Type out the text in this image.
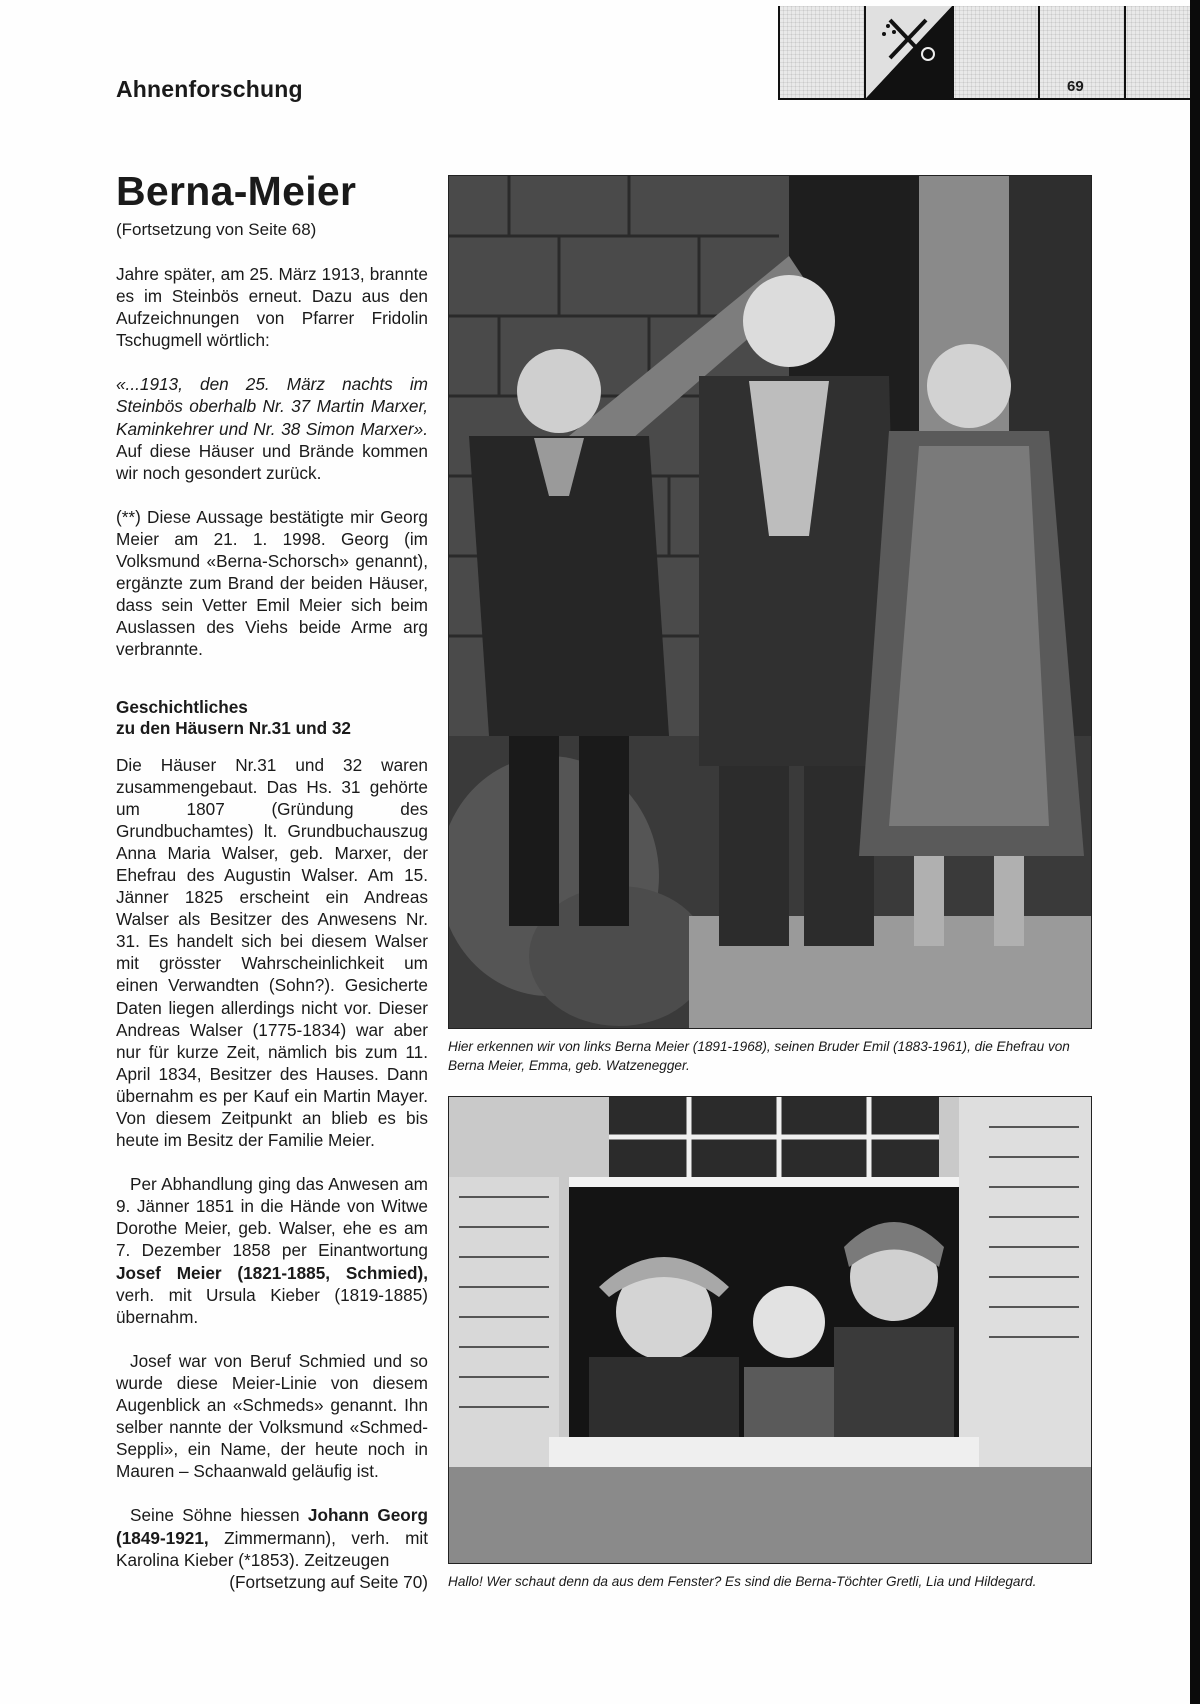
Ahnenforschung	69
Berna-Meier
(Fortsetzung von Seite 68)

Jahre später, am 25. März 1913, brannte es im Steinbös erneut. Dazu aus den Aufzeichnungen von Pfarrer Fridolin Tschugmell wörtlich:

«...1913, den 25. März nachts im Steinbös oberhalb Nr. 37 Martin Marxer, Kaminkehrer und Nr. 38 Simon Marxer». Auf diese Häuser und Brände kommen wir noch gesondert zurück.

(**) Diese Aussage bestätigte mir Georg Meier am 21. 1. 1998. Georg (im Volksmund «Berna-Schorsch» genannt), ergänzte zum Brand der beiden Häuser, dass sein Vetter Emil Meier sich beim Auslassen des Viehs beide Arme arg verbrannte.

Geschichtliches
zu den Häusern Nr.31 und 32

Die Häuser Nr.31 und 32 waren zusammengebaut. Das Hs. 31 gehörte um 1807 (Gründung des Grundbuchamtes) lt. Grundbuchauszug Anna Maria Walser, geb. Marxer, der Ehefrau des Augustin Walser. Am 15. Jänner 1825 erscheint ein Andreas Walser als Besitzer des Anwesens Nr. 31. Es handelt sich bei diesem Walser mit grösster Wahrscheinlichkeit um einen Verwandten (Sohn?). Gesicherte Daten liegen allerdings nicht vor. Dieser Andreas Walser (1775-1834) war aber nur für kurze Zeit, nämlich bis zum 11. April 1834, Besitzer des Hauses. Dann übernahm es per Kauf ein Martin Mayer. Von diesem Zeitpunkt an blieb es bis heute im Besitz der Familie Meier.

Per Abhandlung ging das Anwesen am 9. Jänner 1851 in die Hände von Witwe Dorothe Meier, geb. Walser, ehe es am 7. Dezember 1858 per Einantwortung Josef Meier (1821-1885, Schmied), verh. mit Ursula Kieber (1819-1885) übernahm.

Josef war von Beruf Schmied und so wurde diese Meier-Linie von diesem Augenblick an «Schmeds» genannt. Ihn selber nannte der Volksmund «Schmed-Seppli», ein Name, der heute noch in Mauren – Schaanwald geläufig ist.

Seine Söhne hiessen Johann Georg (1849-1921, Zimmermann), verh. mit Karolina Kieber (*1853). Zeitzeugen

(Fortsetzung auf Seite 70)

Hier erkennen wir von links Berna Meier (1891-1968), seinen Bruder Emil (1883-1961), die Ehefrau von Berna Meier, Emma, geb. Watzenegger.
Hallo! Wer schaut denn da aus dem Fenster? Es sind die Berna-Töchter Gretli, Lia und Hildegard.
